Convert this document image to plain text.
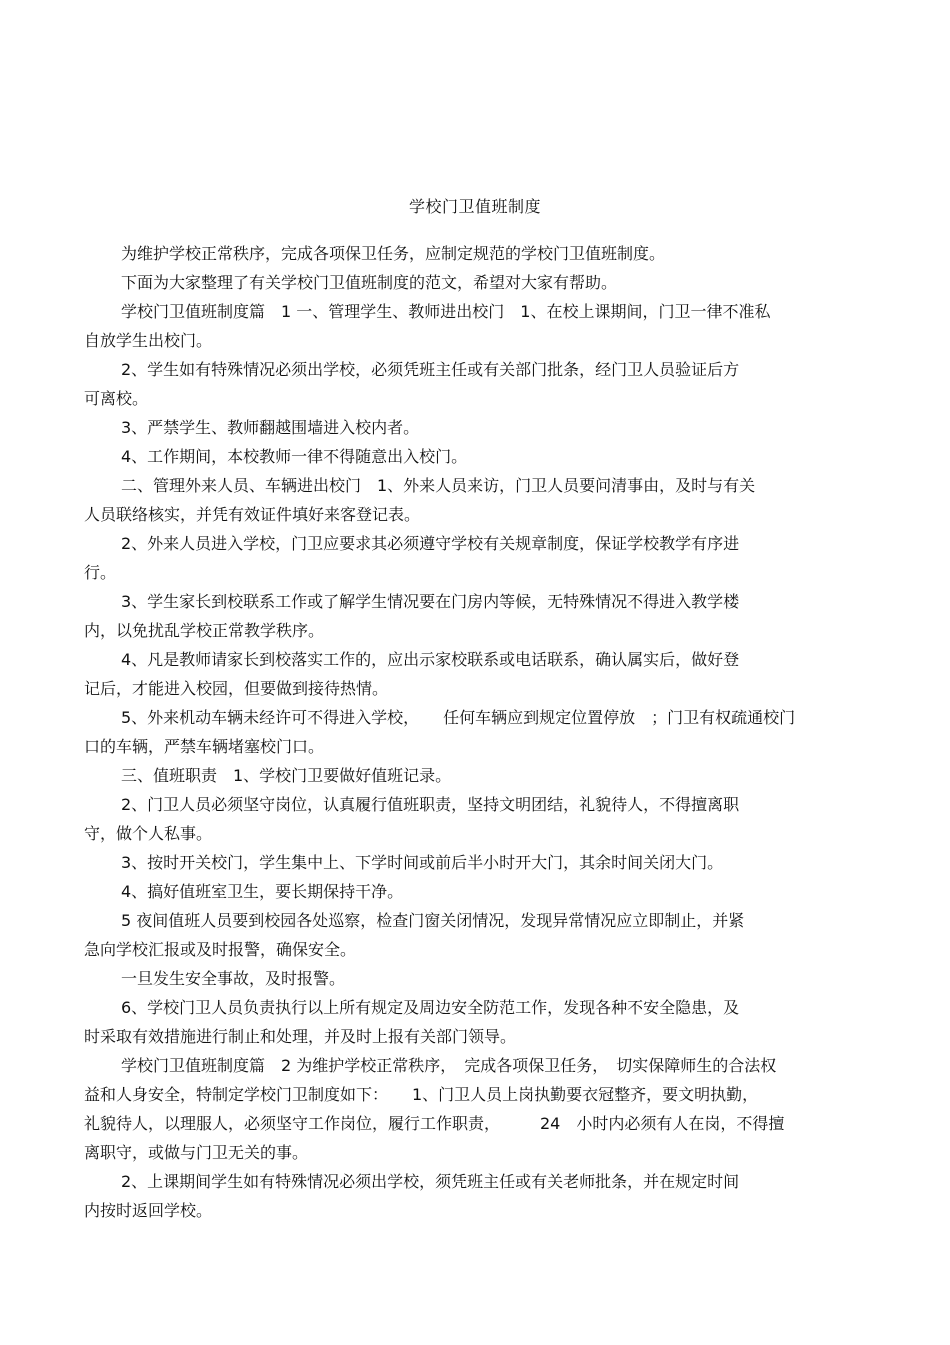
学校门卫值班制度
为维护学校正常秩序，完成各项保卫任务，应制定规范的学校门卫值班制度。
下面为大家整理了有关学校门卫值班制度的范文，希望对大家有帮助。
学校门卫值班制度篇　1 一、管理学生、教师进出校门　1、在校上课期间，门卫一律不准私
自放学生出校门。
2、学生如有特殊情况必须出学校，必须凭班主任或有关部门批条，经门卫人员验证后方
可离校。
3、严禁学生、教师翻越围墙进入校内者。
4、工作期间，本校教师一律不得随意出入校门。
二、管理外来人员、车辆进出校门　1、外来人员来访，门卫人员要问清事由，及时与有关
人员联络核实，并凭有效证件填好来客登记表。
2、外来人员进入学校，门卫应要求其必须遵守学校有关规章制度，保证学校教学有序进
行。
3、学生家长到校联系工作或了解学生情况要在门房内等候，无特殊情况不得进入教学楼
内，以免扰乱学校正常教学秩序。
4、凡是教师请家长到校落实工作的，应出示家校联系或电话联系，确认属实后，做好登
记后，才能进入校园，但要做到接待热情。
5、外来机动车辆未经许可不得进入学校，　　任何车辆应到规定位置停放　；门卫有权疏通校门
口的车辆，严禁车辆堵塞校门口。
三、值班职责　1、学校门卫要做好值班记录。
2、门卫人员必须坚守岗位，认真履行值班职责，坚持文明团结，礼貌待人，不得擅离职
守，做个人私事。
3、按时开关校门，学生集中上、下学时间或前后半小时开大门，其余时间关闭大门。
4、搞好值班室卫生，要长期保持干净。
5 夜间值班人员要到校园各处巡察，检查门窗关闭情况，发现异常情况应立即制止，并紧
急向学校汇报或及时报警，确保安全。
一旦发生安全事故，及时报警。
6、学校门卫人员负责执行以上所有规定及周边安全防范工作，发现各种不安全隐患，及
时采取有效措施进行制止和处理，并及时上报有关部门领导。
学校门卫值班制度篇　2 为维护学校正常秩序，　完成各项保卫任务，　切实保障师生的合法权
益和人身安全，特制定学校门卫制度如下：　　1、门卫人员上岗执勤要衣冠整齐，要文明执勤，
礼貌待人，以理服人，必须坚守工作岗位，履行工作职责，　　　24　小时内必须有人在岗，不得擅
离职守，或做与门卫无关的事。
2、上课期间学生如有特殊情况必须出学校，须凭班主任或有关老师批条，并在规定时间
内按时返回学校。
